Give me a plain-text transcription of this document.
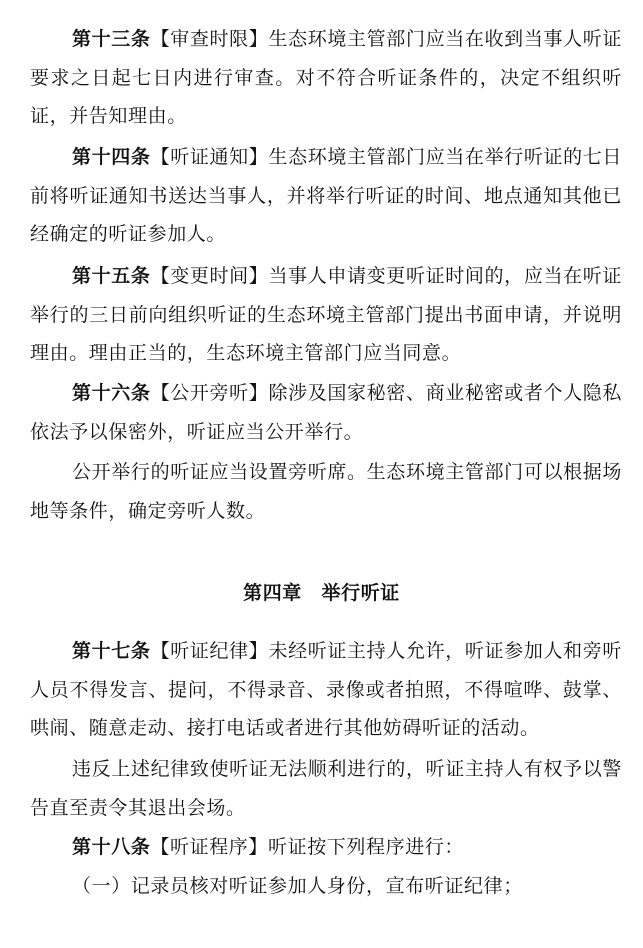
第十三条【审查时限】生态环境主管部门应当在收到当事人听证要求之日起七日内进行审查。对不符合听证条件的，决定不组织听证，并告知理由。

第十四条【听证通知】生态环境主管部门应当在举行听证的七日前将听证通知书送达当事人，并将举行听证的时间、地点通知其他已经确定的听证参加人。

第十五条【变更时间】当事人申请变更听证时间的，应当在听证举行的三日前向组织听证的生态环境主管部门提出书面申请，并说明理由。理由正当的，生态环境主管部门应当同意。

第十六条【公开旁听】除涉及国家秘密、商业秘密或者个人隐私依法予以保密外，听证应当公开举行。

公开举行的听证应当设置旁听席。生态环境主管部门可以根据场地等条件，确定旁听人数。

第四章　举行听证

第十七条【听证纪律】未经听证主持人允许，听证参加人和旁听人员不得发言、提问，不得录音、录像或者拍照，不得喧哗、鼓掌、哄闹、随意走动、接打电话或者进行其他妨碍听证的活动。

违反上述纪律致使听证无法顺利进行的，听证主持人有权予以警告直至责令其退出会场。

第十八条【听证程序】听证按下列程序进行：

（一）记录员核对听证参加人身份，宣布听证纪律；
